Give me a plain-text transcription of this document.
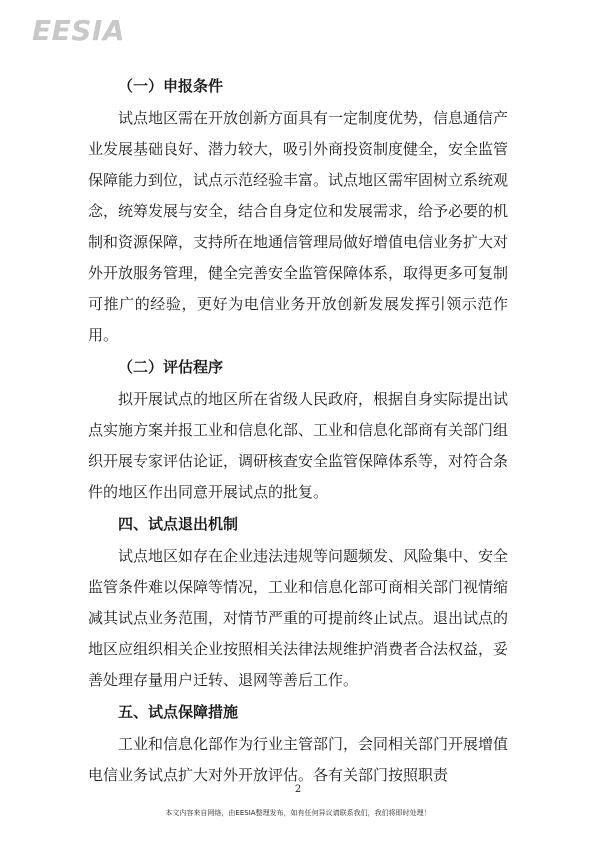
EESIA
（一）申报条件

试点地区需在开放创新方面具有一定制度优势，信息通信产业发展基础良好、潜力较大，吸引外商投资制度健全，安全监管保障能力到位，试点示范经验丰富。试点地区需牢固树立系统观念，统筹发展与安全，结合自身定位和发展需求，给予必要的机制和资源保障，支持所在地通信管理局做好增值电信业务扩大对外开放服务管理，健全完善安全监管保障体系，取得更多可复制可推广的经验，更好为电信业务开放创新发展发挥引领示范作用。

（二）评估程序

拟开展试点的地区所在省级人民政府，根据自身实际提出试点实施方案并报工业和信息化部、工业和信息化部商有关部门组织开展专家评估论证，调研核查安全监管保障体系等，对符合条件的地区作出同意开展试点的批复。

四、试点退出机制

试点地区如存在企业违法违规等问题频发、风险集中、安全监管条件难以保障等情况，工业和信息化部可商相关部门视情缩减其试点业务范围，对情节严重的可提前终止试点。退出试点的地区应组织相关企业按照相关法律法规维护消费者合法权益，妥善处理存量用户迁转、退网等善后工作。

五、试点保障措施

工业和信息化部作为行业主管部门，会同相关部门开展增值电信业务试点扩大对外开放评估。各有关部门按照职责

2
本文内容来自网络，由EESIA整理发布，如有任何异议请联系我们，我们将即时处理！
